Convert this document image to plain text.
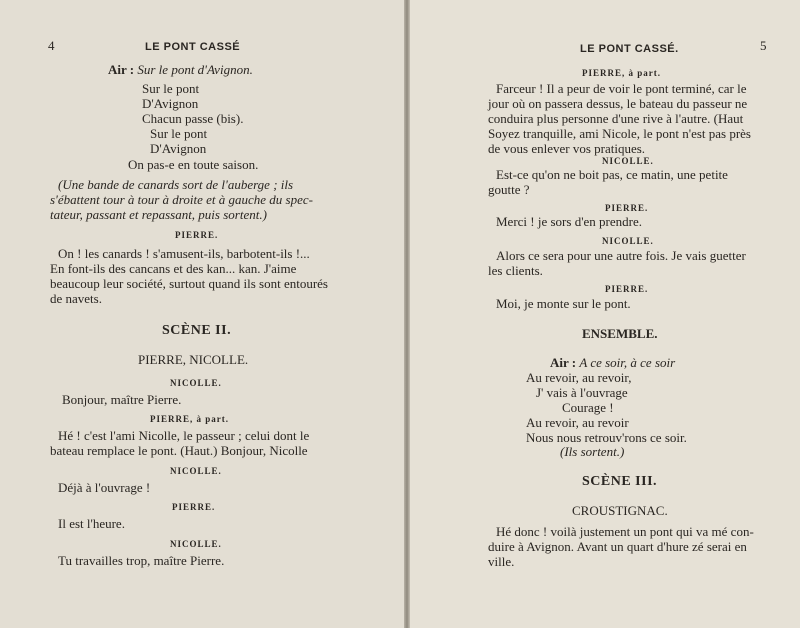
4	LE PONT CASSÉ
Air : Sur le pont d'Avignon.
Sur le pont
D'Avignon
Chacun passe (bis).
Sur le pont
D'Avignon
On pas-e en toute saison.
(Une bande de canards sort de l'auberge ; ils
s'ébattent tour à tour à droite et à gauche du spec-
tateur, passant et repassant, puis sortent.)
PIERRE.
On ! les canards ! s'amusent-ils, barbotent-ils !...
En font-ils des cancans et des kan... kan. J'aime
beaucoup leur société, surtout quand ils sont entourés
de navets.
SCÈNE II.
PIERRE, NICOLLE.
NICOLLE.
Bonjour, maître Pierre.
PIERRE, à part.
Hé ! c'est l'ami Nicolle, le passeur ; celui dont le
bateau remplace le pont. (Haut.) Bonjour, Nicolle
NICOLLE.
Déjà à l'ouvrage !
PIERRE.
Il est l'heure.
NICOLLE.
Tu travailles trop, maître Pierre.
LE PONT CASSÉ.	5
PIERRE, à part.
Farceur ! Il a peur de voir le pont terminé, car le
jour où on passera dessus, le bateau du passeur ne
conduira plus personne d'une rive à l'autre. (Haut
Soyez tranquille, ami Nicole, le pont n'est pas près
de vous enlever vos pratiques.
NICOLLE.
Est-ce qu'on ne boit pas, ce matin, une petite
goutte ?
PIERRE.
Merci ! je sors d'en prendre.
NICOLLE.
Alors ce sera pour une autre fois. Je vais guetter
les clients.
PIERRE.
Moi, je monte sur le pont.
ENSEMBLE.
Air : A ce soir, à ce soir
Au revoir, au revoir,
J' vais à l'ouvrage
Courage !
Au revoir, au revoir
Nous nous retrouv'rons ce soir.
(Ils sortent.)
SCÈNE III.
CROUSTIGNAC.
Hé donc ! voilà justement un pont qui va mé con-
duire à Avignon. Avant un quart d'hure zé serai en
ville.
